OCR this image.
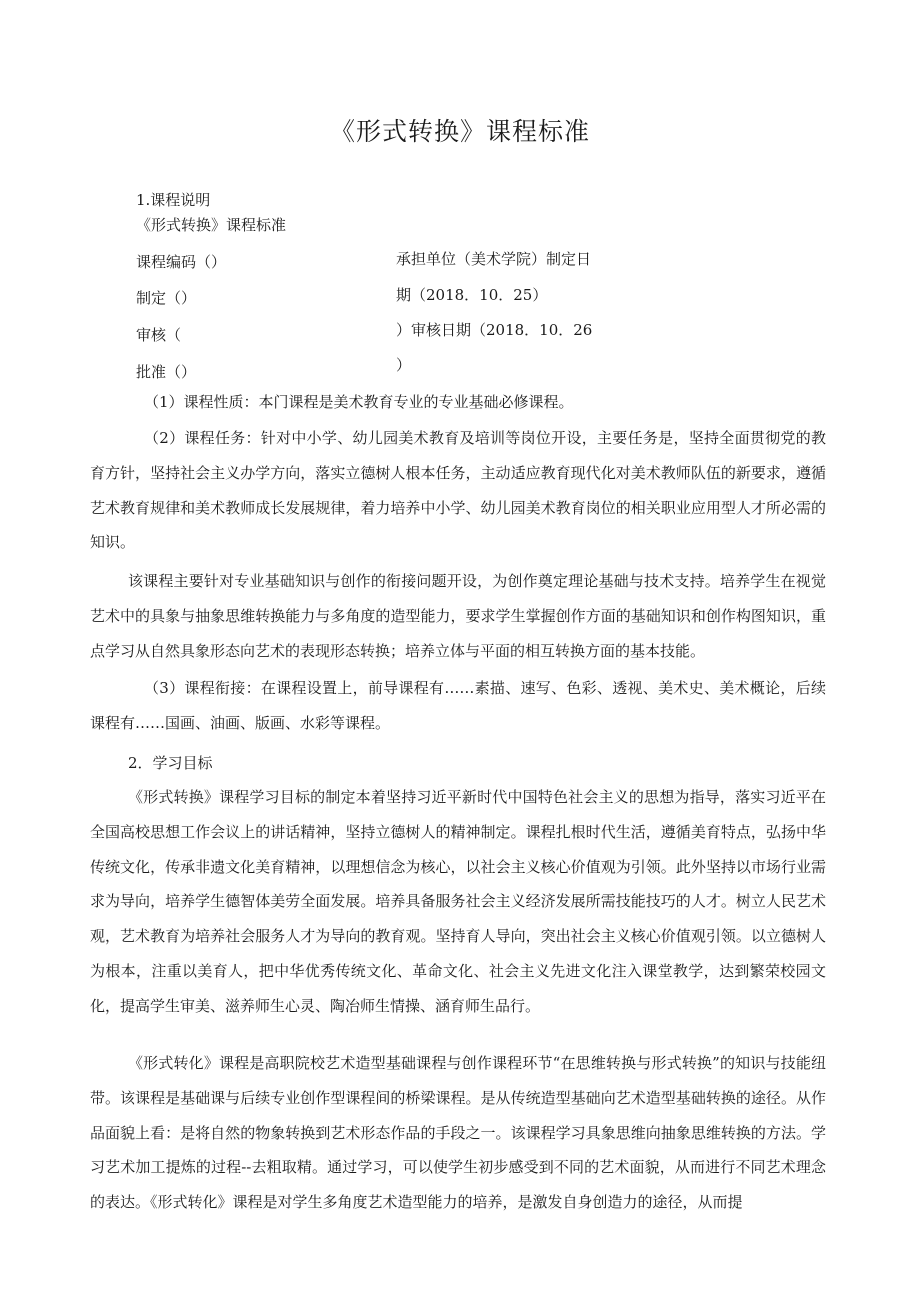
《形式转换》课程标准
1.课程说明
《形式转换》课程标准
课程编码（）
制定（）
审核（
批准（）
承担单位（美术学院）制定日
期（2018．10．25）
）审核日期（2018．10．26
）
（1）课程性质：本门课程是美术教育专业的专业基础必修课程。
（2）课程任务：针对中小学、幼儿园美术教育及培训等岗位开设，主要任务是，坚持全面贯彻党的教育方针，坚持社会主义办学方向，落实立德树人根本任务，主动适应教育现代化对美术教师队伍的新要求，遵循艺术教育规律和美术教师成长发展规律，着力培养中小学、幼儿园美术教育岗位的相关职业应用型人才所必需的知识。
该课程主要针对专业基础知识与创作的衔接问题开设，为创作奠定理论基础与技术支持。培养学生在视觉艺术中的具象与抽象思维转换能力与多角度的造型能力，要求学生掌握创作方面的基础知识和创作构图知识，重点学习从自然具象形态向艺术的表现形态转换；培养立体与平面的相互转换方面的基本技能。
（3）课程衔接：在课程设置上，前导课程有……素描、速写、色彩、透视、美术史、美术概论，后续课程有……国画、油画、版画、水彩等课程。
2．学习目标
《形式转换》课程学习目标的制定本着坚持习近平新时代中国特色社会主义的思想为指导，落实习近平在全国高校思想工作会议上的讲话精神，坚持立德树人的精神制定。课程扎根时代生活，遵循美育特点，弘扬中华传统文化，传承非遗文化美育精神，以理想信念为核心，以社会主义核心价值观为引领。此外坚持以市场行业需求为导向，培养学生德智体美劳全面发展。培养具备服务社会主义经济发展所需技能技巧的人才。树立人民艺术观，艺术教育为培养社会服务人才为导向的教育观。坚持育人导向，突出社会主义核心价值观引领。以立德树人为根本，注重以美育人，把中华优秀传统文化、革命文化、社会主义先进文化注入课堂教学，达到繁荣校园文化，提高学生审美、滋养师生心灵、陶冶师生情操、涵育师生品行。
《形式转化》课程是高职院校艺术造型基础课程与创作课程环节“在思维转换与形式转换”的知识与技能纽带。该课程是基础课与后续专业创作型课程间的桥梁课程。是从传统造型基础向艺术造型基础转换的途径。从作品面貌上看：是将自然的物象转换到艺术形态作品的手段之一。该课程学习具象思维向抽象思维转换的方法。学习艺术加工提炼的过程--去粗取精。通过学习，可以使学生初步感受到不同的艺术面貌，从而进行不同艺术理念的表达。《形式转化》课程是对学生多角度艺术造型能力的培养，是激发自身创造力的途径，从而提
